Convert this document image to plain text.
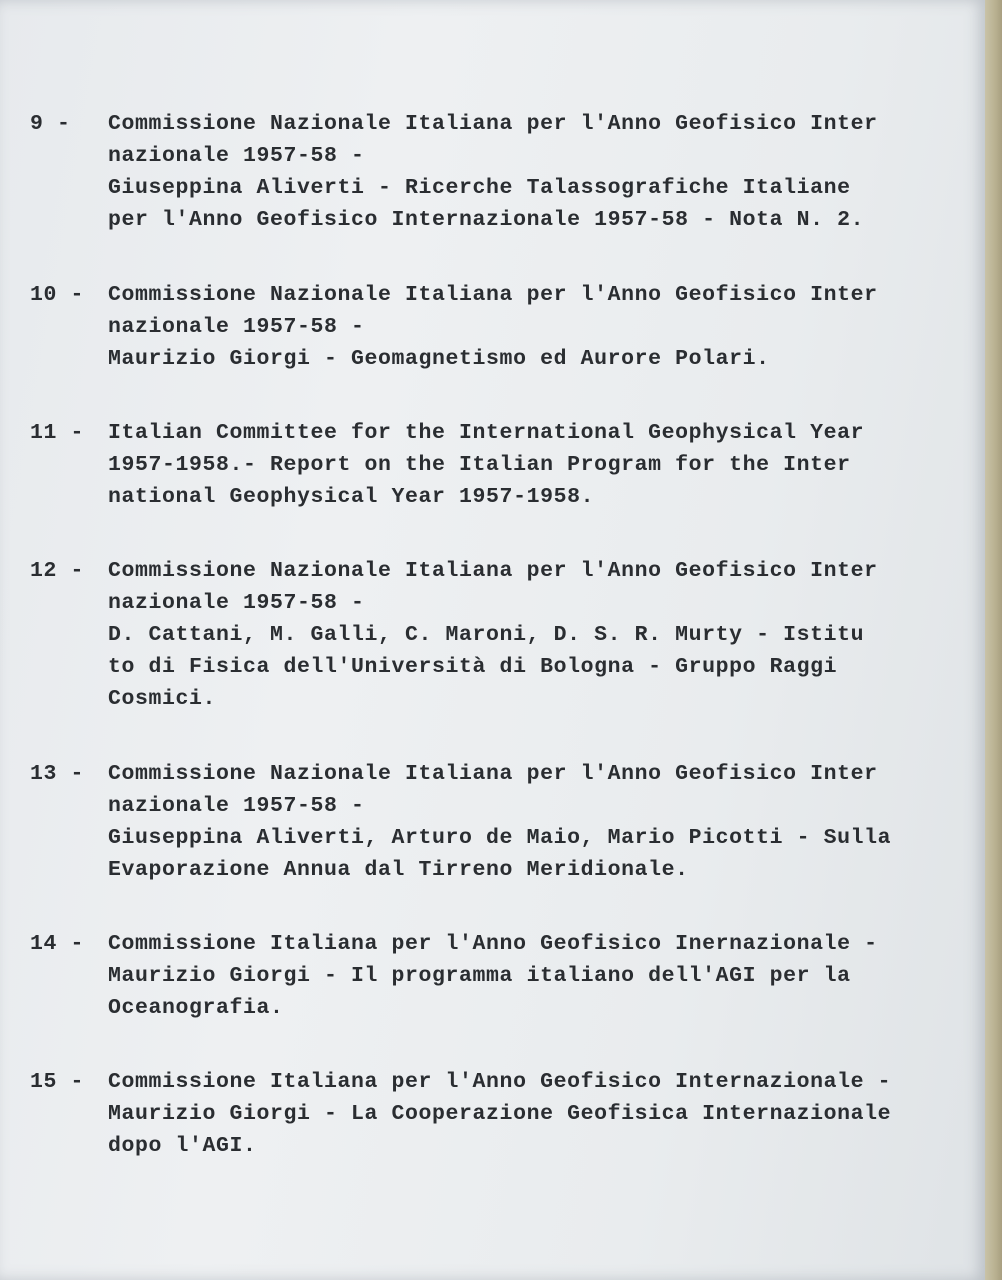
9 -	Commissione Nazionale Italiana per l'Anno Geofisico Inter
nazionale 1957-58 -
Giuseppina Aliverti - Ricerche Talassografiche Italiane
per l'Anno Geofisico Internazionale 1957-58 - Nota N. 2.
10 -	Commissione Nazionale Italiana per l'Anno Geofisico Inter
nazionale 1957-58 -
Maurizio Giorgi - Geomagnetismo ed Aurore Polari.
11 -	Italian Committee for the International Geophysical Year
1957-1958.- Report on the Italian Program for the Inter
national Geophysical Year 1957-1958.
12 -	Commissione Nazionale Italiana per l'Anno Geofisico Inter
nazionale 1957-58 -
D. Cattani, M. Galli, C. Maroni, D. S. R. Murty - Istitu
to di Fisica dell'Università di Bologna - Gruppo Raggi
Cosmici.
13 -	Commissione Nazionale Italiana per l'Anno Geofisico Inter
nazionale 1957-58 -
Giuseppina Aliverti, Arturo de Maio, Mario Picotti - Sulla
Evaporazione Annua dal Tirreno Meridionale.
14 -	Commissione Italiana per l'Anno Geofisico Inernazionale -
Maurizio Giorgi - Il programma italiano dell'AGI per la
Oceanografia.
15 -	Commissione Italiana per l'Anno Geofisico Internazionale -
Maurizio Giorgi - La Cooperazione Geofisica Internazionale
dopo l'AGI.
